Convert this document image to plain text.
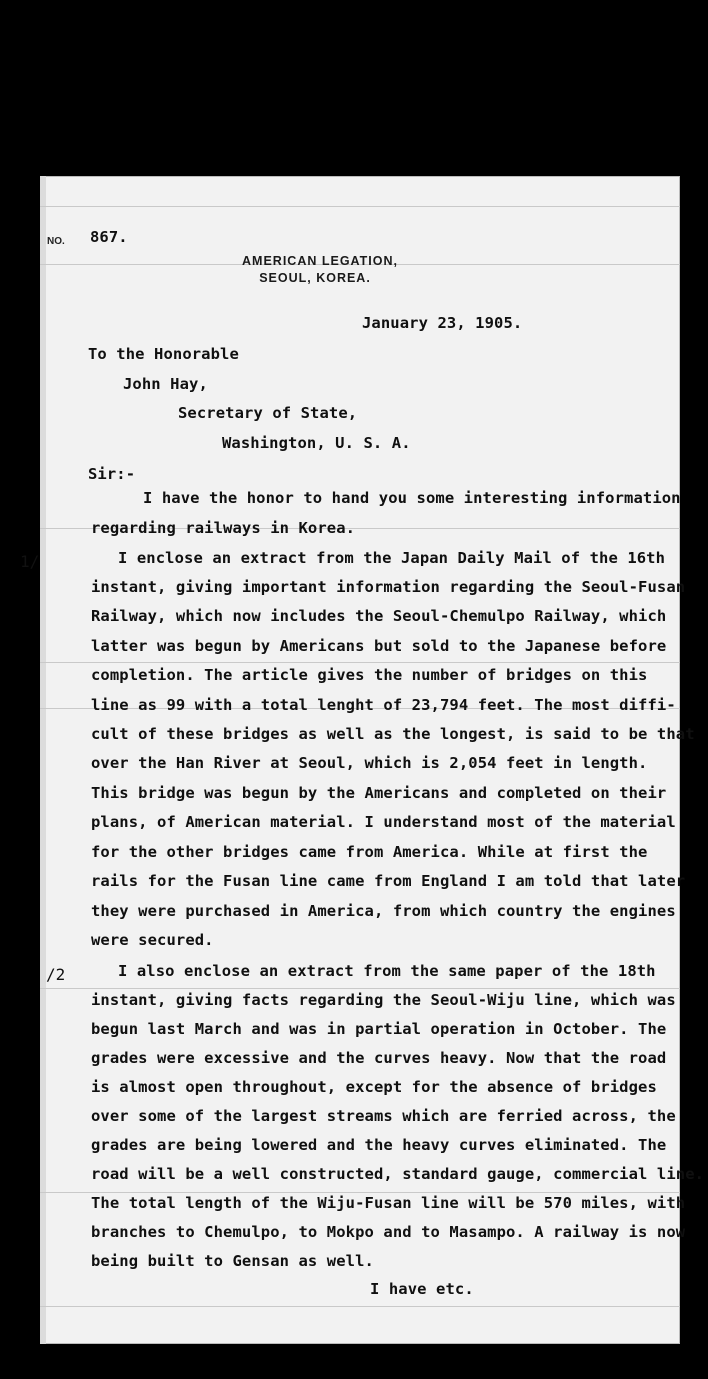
NO. 867.
AMERICAN LEGATION,
SEOUL, KOREA.
January 23, 1905.
To the Honorable
John Hay,
Secretary of State,
Washington, U. S. A.
Sir:-
1/
/2
I have the honor to hand you some interesting information
regarding railways in Korea.
I enclose an extract from the Japan Daily Mail of the 16th
instant, giving important information regarding the Seoul-Fusan
Railway, which now includes the Seoul-Chemulpo Railway, which
latter was begun by Americans but sold to the Japanese before
completion. The article gives the number of bridges on this
line as 99 with a total lenght of 23,794 feet. The most diffi-
cult of these bridges as well as the longest, is said to be that
over the Han River at Seoul, which is 2,054 feet in length.
This bridge was begun by the Americans and completed on their
plans, of American material. I understand most of the material
for the other bridges came from America. While at first the
rails for the Fusan line came from England I am told that later
they were purchased in America, from which country the engines
were secured.
I also enclose an extract from the same paper of the 18th
instant, giving facts regarding the Seoul-Wiju line, which was
begun last March and was in partial operation in October. The
grades were excessive and the curves heavy. Now that the road
is almost open throughout, except for the absence of bridges
over some of the largest streams which are ferried across, the
grades are being lowered and the heavy curves eliminated. The
road will be a well constructed, standard gauge, commercial line.
The total length of the Wiju-Fusan line will be 570 miles, with
branches to Chemulpo, to Mokpo and to Masampo. A railway is now
being built to Gensan as well.
I have etc.
